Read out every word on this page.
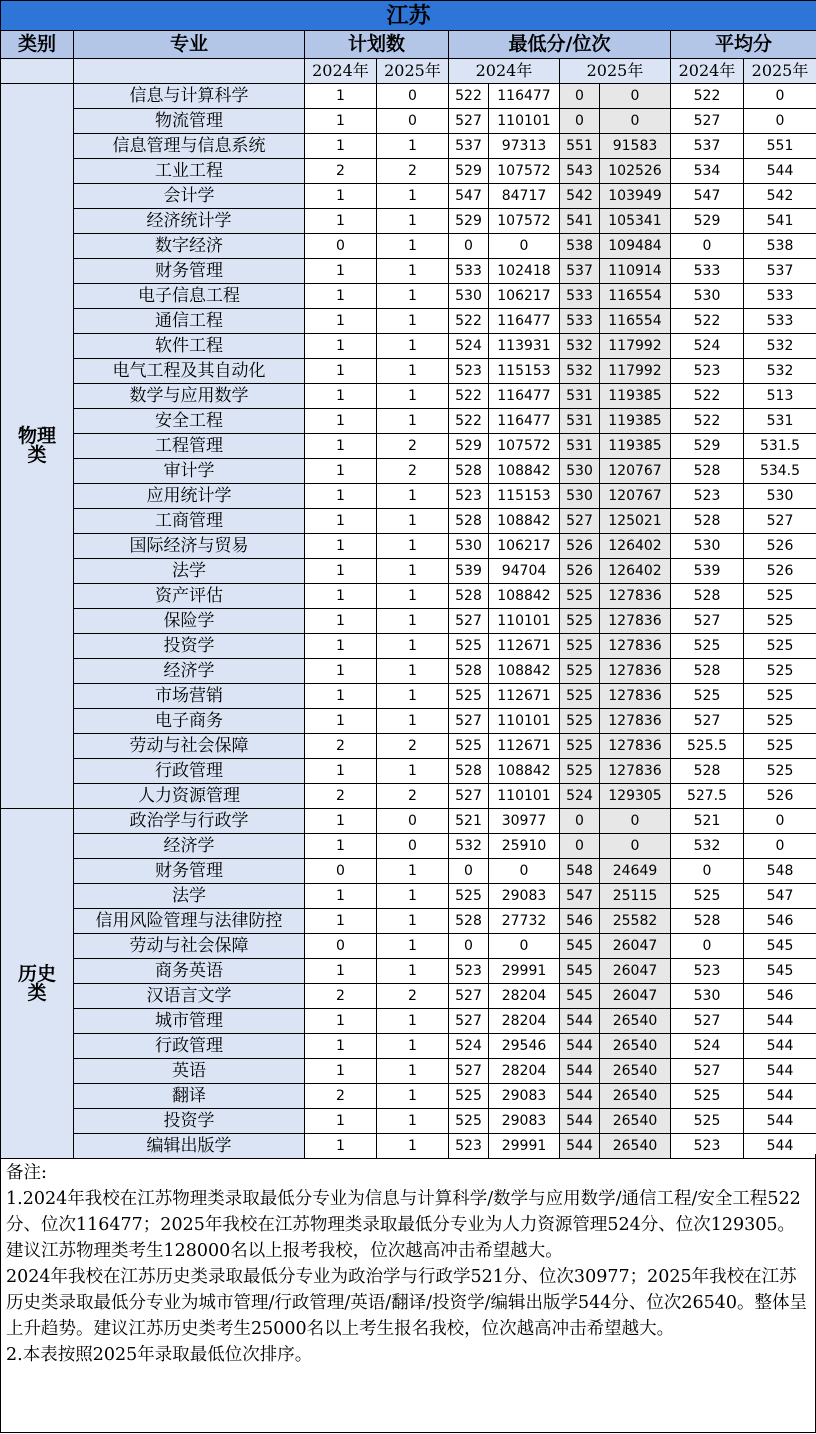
江苏									
类别	专业	计划数		最低分/位次				平均分	
		2024年	2025年	2024年		2025年		2024年	2025年
物理
类	信息与计算科学	1	0	522	116477	0	0	522	0
	物流管理	1	0	527	110101	0	0	527	0
	信息管理与信息系统	1	1	537	97313	551	91583	537	551
	工业工程	2	2	529	107572	543	102526	534	544
	会计学	1	1	547	84717	542	103949	547	542
	经济统计学	1	1	529	107572	541	105341	529	541
	数字经济	0	1	0	0	538	109484	0	538
	财务管理	1	1	533	102418	537	110914	533	537
	电子信息工程	1	1	530	106217	533	116554	530	533
	通信工程	1	1	522	116477	533	116554	522	533
	软件工程	1	1	524	113931	532	117992	524	532
	电气工程及其自动化	1	1	523	115153	532	117992	523	532
	数学与应用数学	1	1	522	116477	531	119385	522	513
	安全工程	1	1	522	116477	531	119385	522	531
	工程管理	1	2	529	107572	531	119385	529	531.5
	审计学	1	2	528	108842	530	120767	528	534.5
	应用统计学	1	1	523	115153	530	120767	523	530
	工商管理	1	1	528	108842	527	125021	528	527
	国际经济与贸易	1	1	530	106217	526	126402	530	526
	法学	1	1	539	94704	526	126402	539	526
	资产评估	1	1	528	108842	525	127836	528	525
	保险学	1	1	527	110101	525	127836	527	525
	投资学	1	1	525	112671	525	127836	525	525
	经济学	1	1	528	108842	525	127836	528	525
	市场营销	1	1	525	112671	525	127836	525	525
	电子商务	1	1	527	110101	525	127836	527	525
	劳动与社会保障	2	2	525	112671	525	127836	525.5	525
	行政管理	1	1	528	108842	525	127836	528	525
	人力资源管理	2	2	527	110101	524	129305	527.5	526
历史
类	政治学与行政学	1	0	521	30977	0	0	521	0
	经济学	1	0	532	25910	0	0	532	0
	财务管理	0	1	0	0	548	24649	0	548
	法学	1	1	525	29083	547	25115	525	547
	信用风险管理与法律防控	1	1	528	27732	546	25582	528	546
	劳动与社会保障	0	1	0	0	545	26047	0	545
	商务英语	1	1	523	29991	545	26047	523	545
	汉语言文学	2	2	527	28204	545	26047	530	546
	城市管理	1	1	527	28204	544	26540	527	544
	行政管理	1	1	524	29546	544	26540	524	544
	英语	1	1	527	28204	544	26540	527	544
	翻译	2	1	525	29083	544	26540	525	544
	投资学	1	1	525	29083	544	26540	525	544
	编辑出版学	1	1	523	29991	544	26540	523	544
备注:
1.2024年我校在江苏物理类录取最低分专业为信息与计算科学/数学与应用数学/通信工程/安全工程522分、位次116477；2025年我校在江苏物理类录取最低分专业为人力资源管理524分、位次129305。建议江苏物理类考生128000名以上报考我校，位次越高冲击希望越大。
2024年我校在江苏历史类录取最低分专业为政治学与行政学521分、位次30977；2025年我校在江苏历史类录取最低分专业为城市管理/行政管理/英语/翻译/投资学/编辑出版学544分、位次26540。整体呈上升趋势。建议江苏历史类考生25000名以上考生报名我校，位次越高冲击希望越大。
2.本表按照2025年录取最低位次排序。
